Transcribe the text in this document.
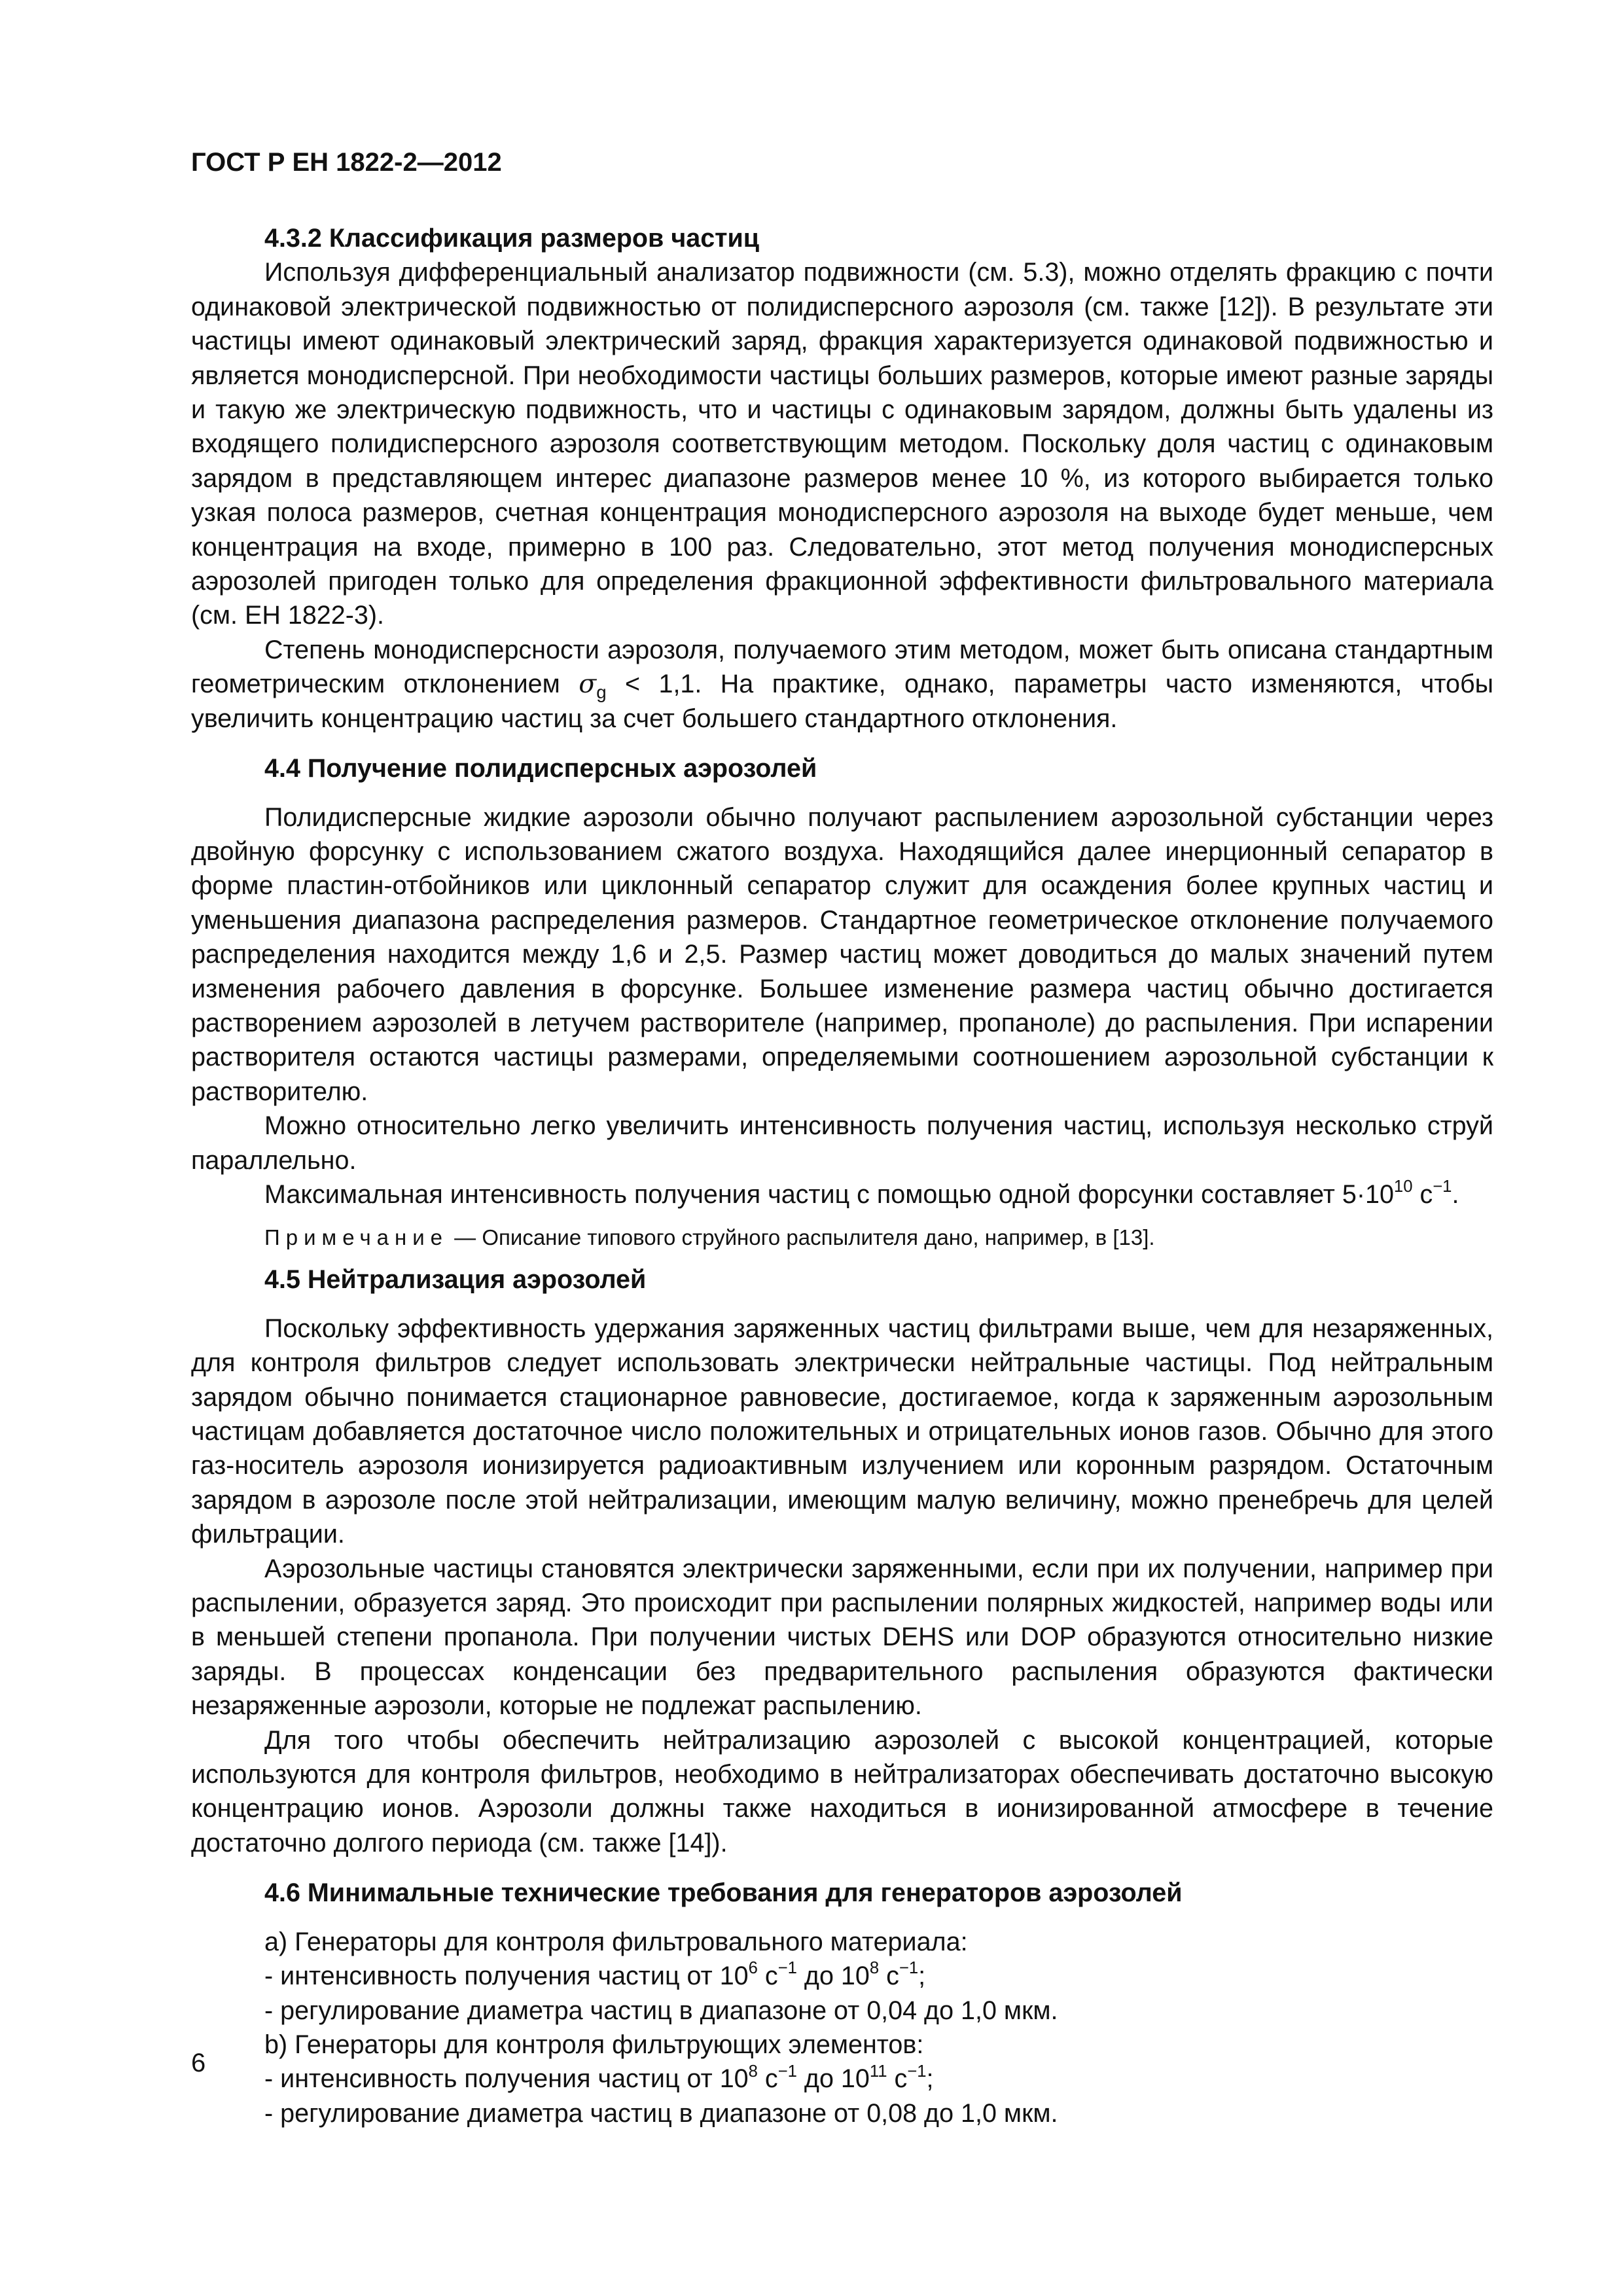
ГОСТ Р ЕН 1822-2—2012
4.3.2 Классификация размеров частиц

Используя дифференциальный анализатор подвижности (см. 5.3), можно отделять фракцию с почти одинаковой электрической подвижностью от полидисперсного аэрозоля (см. также [12]). В результате эти частицы имеют одинаковый электрический заряд, фракция характеризуется одинаковой подвижностью и является монодисперсной. При необходимости частицы больших размеров, которые имеют разные заряды и такую же электрическую подвижность, что и частицы с одинаковым зарядом, должны быть удалены из входящего полидисперсного аэрозоля соответствующим методом. Поскольку доля частиц с одинаковым зарядом в представляющем интерес диапазоне размеров менее 10 %, из которого выбирается только узкая полоса размеров, счетная концентрация монодисперсного аэрозоля на выходе будет меньше, чем концентрация на входе, примерно в 100 раз. Следовательно, этот метод получения монодисперсных аэрозолей пригоден только для определения фракционной эффективности фильтровального материала (см. ЕН 1822-3).

Степень монодисперсности аэрозоля, получаемого этим методом, может быть описана стандартным геометрическим отклонением $\sigma_g < 1,1$. На практике, однако, параметры часто изменяются, чтобы увеличить концентрацию частиц за счет большего стандартного отклонения.

4.4 Получение полидисперсных аэрозолей

Полидисперсные жидкие аэрозоли обычно получают распылением аэрозольной субстанции через двойную форсунку с использованием сжатого воздуха. Находящийся далее инерционный сепаратор в форме пластин-отбойников или циклонный сепаратор служит для осаждения более крупных частиц и уменьшения диапазона распределения размеров. Стандартное геометрическое отклонение получаемого распределения находится между 1,6 и 2,5. Размер частиц может доводиться до малых значений путем изменения рабочего давления в форсунке. Большее изменение размера частиц обычно достигается растворением аэрозолей в летучем растворителе (например, пропаноле) до распыления. При испарении растворителя остаются частицы размерами, определяемыми соотношением аэрозольной субстанции к растворителю.

Можно относительно легко увеличить интенсивность получения частиц, используя несколько струй параллельно.

Максимальная интенсивность получения частиц с помощью одной форсунки составляет $5\cdot 10^{10}$ $с^{-1}$.

Примечание — Описание типового струйного распылителя дано, например, в [13].

4.5 Нейтрализация аэрозолей

Поскольку эффективность удержания заряженных частиц фильтрами выше, чем для незаряженных, для контроля фильтров следует использовать электрически нейтральные частицы. Под нейтральным зарядом обычно понимается стационарное равновесие, достигаемое, когда к заряженным аэрозольным частицам добавляется достаточное число положительных и отрицательных ионов газов. Обычно для этого газ-носитель аэрозоля ионизируется радиоактивным излучением или коронным разрядом. Остаточным зарядом в аэрозоле после этой нейтрализации, имеющим малую величину, можно пренебречь для целей фильтрации.

Аэрозольные частицы становятся электрически заряженными, если при их получении, например при распылении, образуется заряд. Это происходит при распылении полярных жидкостей, например воды или в меньшей степени пропанола. При получении чистых DEHS или DOP образуются относительно низкие заряды. В процессах конденсации без предварительного распыления образуются фактически незаряженные аэрозоли, которые не подлежат распылению.

Для того чтобы обеспечить нейтрализацию аэрозолей с высокой концентрацией, которые используются для контроля фильтров, необходимо в нейтрализаторах обеспечивать достаточно высокую концентрацию ионов. Аэрозоли должны также находиться в ионизированной атмосфере в течение достаточно долгого периода (см. также [14]).

4.6 Минимальные технические требования для генераторов аэрозолей

а) Генераторы для контроля фильтровального материала:

- интенсивность получения частиц от $10^6$ $с^{-1}$ до $10^8$ $с^{-1}$;

- регулирование диаметра частиц в диапазоне от 0,04 до 1,0 мкм.

b) Генераторы для контроля фильтрующих элементов:

- интенсивность получения частиц от $10^8$ $с^{-1}$ до $10^{11}$ $с^{-1}$;

- регулирование диаметра частиц в диапазоне от 0,08 до 1,0 мкм.

6
